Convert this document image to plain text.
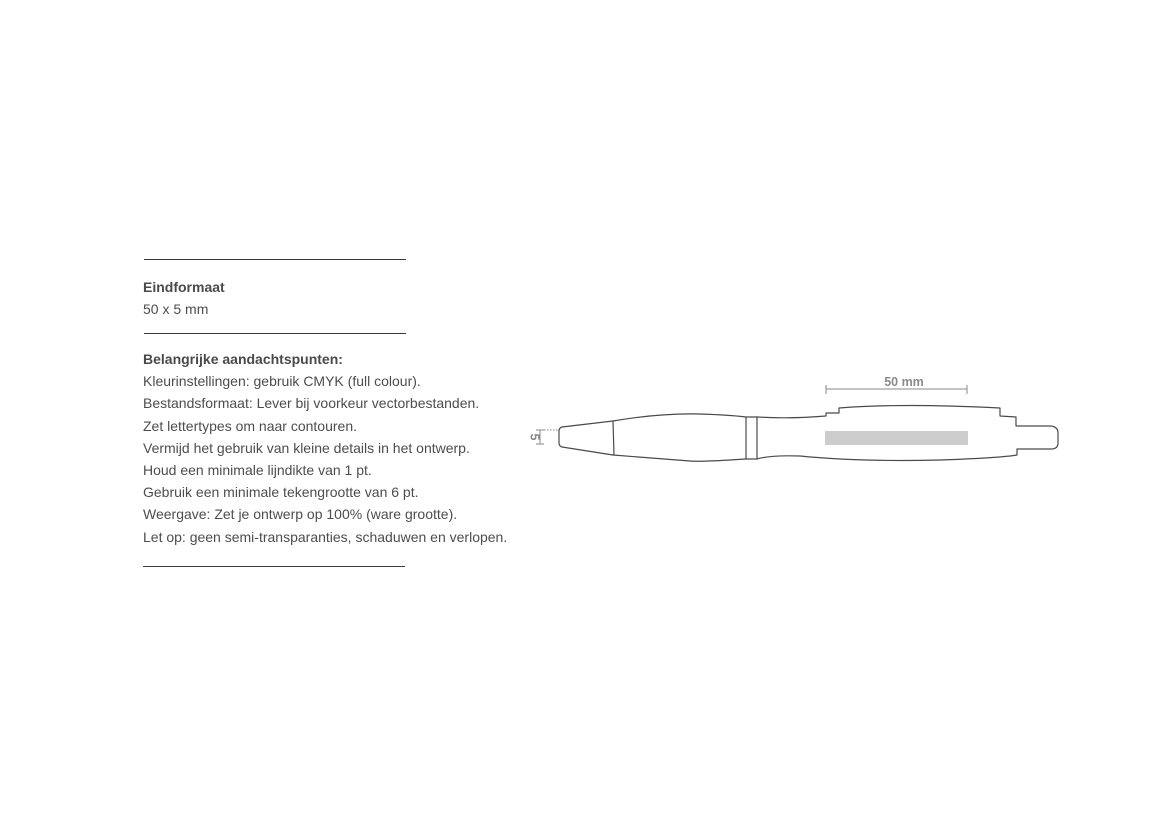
Eindformaat
50 x 5 mm
Belangrijke aandachtspunten:
Kleurinstellingen: gebruik CMYK (full colour).
Bestandsformaat: Lever bij voorkeur vectorbestanden.
Zet lettertypes om naar contouren.
Vermijd het gebruik van kleine details in het ontwerp.
Houd een minimale lijndikte van 1 pt.
Gebruik een minimale tekengrootte van 6 pt.
Weergave: Zet je ontwerp op 100% (ware grootte).
Let op: geen semi-transparanties, schaduwen en verlopen.
50 mm
5
